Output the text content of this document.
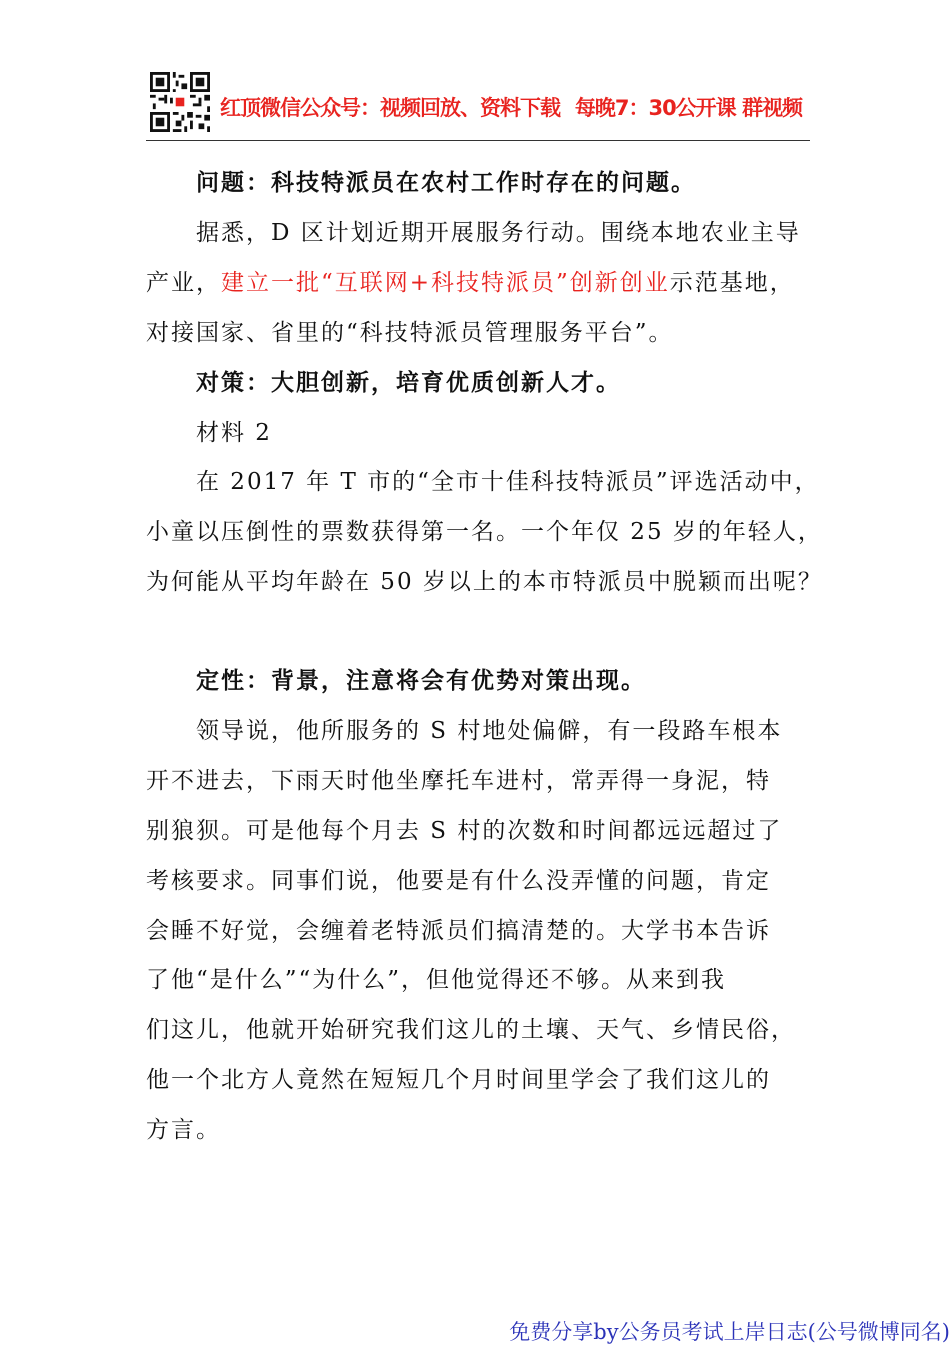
红顶微信公众号：视频回放、资料下载 每晚7：30公开课 群视频
问题：科技特派员在农村工作时存在的问题。
据悉，D 区计划近期开展服务行动。围绕本地农业主导
产业，建立一批“互联网+科技特派员”创新创业示范基地，
对接国家、省里的“科技特派员管理服务平台”。
对策：大胆创新，培育优质创新人才。
材料 2
在 2017 年 T 市的“全市十佳科技特派员”评选活动中，
小童以压倒性的票数获得第一名。一个年仅 25 岁的年轻人，
为何能从平均年龄在 50 岁以上的本市特派员中脱颖而出呢？
定性：背景，注意将会有优势对策出现。
领导说，他所服务的 S 村地处偏僻，有一段路车根本
开不进去，下雨天时他坐摩托车进村，常弄得一身泥，特
别狼狈。可是他每个月去 S 村的次数和时间都远远超过了
考核要求。同事们说，他要是有什么没弄懂的问题，肯定
会睡不好觉，会缠着老特派员们搞清楚的。大学书本告诉
了他“是什么”“为什么”，但他觉得还不够。从来到我
们这儿，他就开始研究我们这儿的土壤、天气、乡情民俗，
他一个北方人竟然在短短几个月时间里学会了我们这儿的
方言。
免费分享by公务员考试上岸日志(公号微博同名)
